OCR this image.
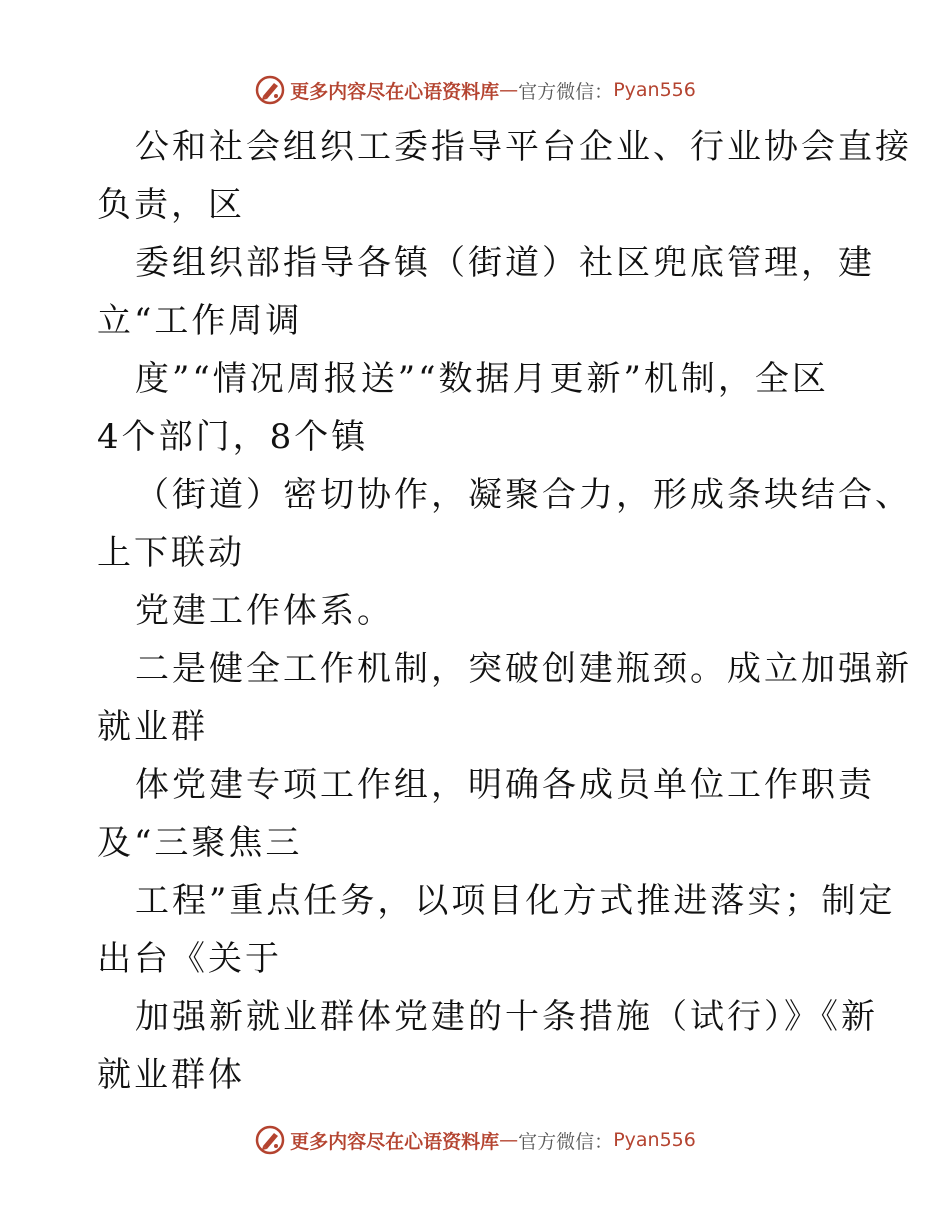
更多内容尽在心语资料库 — 官方微信： Pyan556
公和社会组织工委指导平台企业、行业协会直接
负责，区
委组织部指导各镇（街道）社区兜底管理，建
立“工作周调
度”“情况周报送”“数据月更新”机制，全区
4个部门，8个镇
（街道）密切协作，凝聚合力，形成条块结合、
上下联动
党建工作体系。
二是健全工作机制，突破创建瓶颈。成立加强新
就业群
体党建专项工作组，明确各成员单位工作职责
及“三聚焦三
工程”重点任务，以项目化方式推进落实；制定
出台《关于
加强新就业群体党建的十条措施（试行）》《新
就业群体
更多内容尽在心语资料库 — 官方微信： Pyan556
